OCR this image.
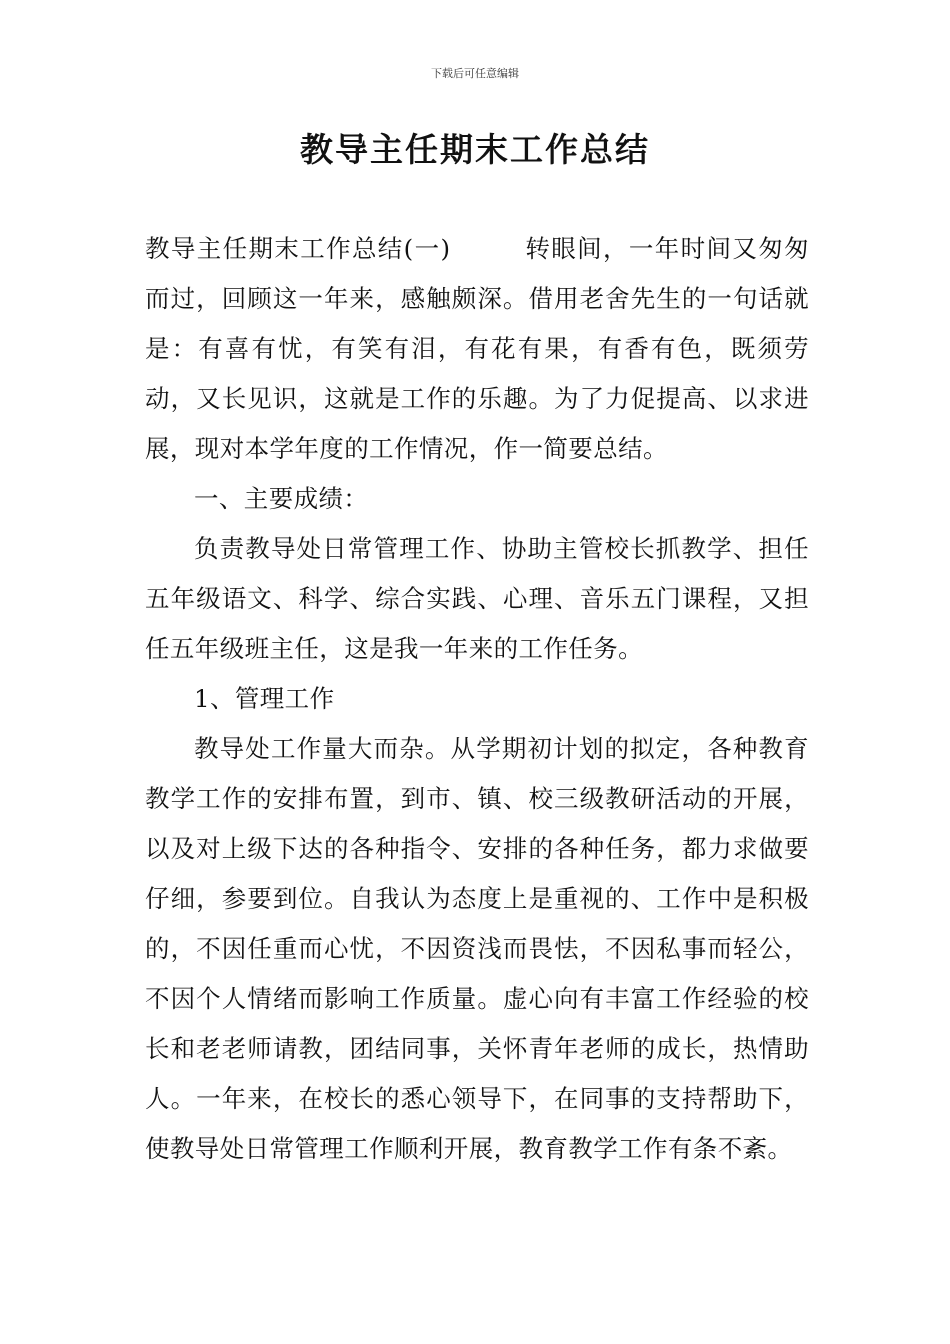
下载后可任意编辑
教导主任期末工作总结

教导主任期末工作总结(一)	转眼间，一年时间又匆匆而过，回顾这一年来，感触颇深。借用老舍先生的一句话就是：有喜有忧，有笑有泪，有花有果，有香有色，既须劳动，又长见识，这就是工作的乐趣。为了力促提高、以求进展，现对本学年度的工作情况，作一简要总结。

一、主要成绩：

负责教导处日常管理工作、协助主管校长抓教学、担任五年级语文、科学、综合实践、心理、音乐五门课程，又担任五年级班主任，这是我一年来的工作任务。

1、管理工作

教导处工作量大而杂。从学期初计划的拟定，各种教育教学工作的安排布置，到市、镇、校三级教研活动的开展，以及对上级下达的各种指令、安排的各种任务，都力求做要仔细，参要到位。自我认为态度上是重视的、工作中是积极的，不因任重而心忧，不因资浅而畏怯，不因私事而轻公，不因个人情绪而影响工作质量。虚心向有丰富工作经验的校长和老老师请教，团结同事，关怀青年老师的成长，热情助人。一年来，在校长的悉心领导下，在同事的支持帮助下，使教导处日常管理工作顺利开展，教育教学工作有条不紊。
